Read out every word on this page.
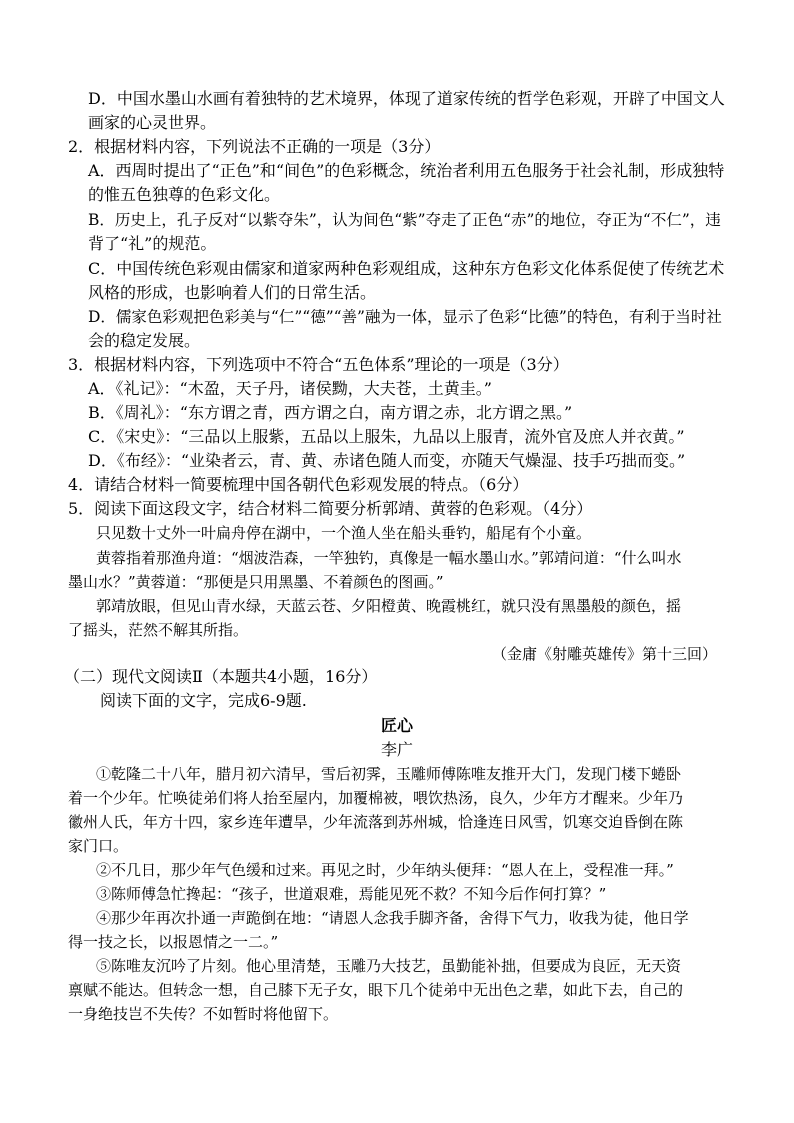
D．中国水墨山水画有着独特的艺术境界，体现了道家传统的哲学色彩观，开辟了中国文人
画家的心灵世界。
2．根据材料内容，下列说法不正确的一项是（3分）
A．西周时提出了“正色”和“间色”的色彩概念，统治者利用五色服务于社会礼制，形成独特
的惟五色独尊的色彩文化。
B．历史上，孔子反对“以紫夺朱”，认为间色“紫”夺走了正色“赤”的地位，夺正为“不仁”，违
背了“礼”的规范。
C．中国传统色彩观由儒家和道家两种色彩观组成，这种东方色彩文化体系促使了传统艺术
风格的形成，也影响着人们的日常生活。
D．儒家色彩观把色彩美与“仁”“德”“善”融为一体，显示了色彩“比德”的特色，有利于当时社
会的稳定发展。
3．根据材料内容，下列选项中不符合“五色体系”理论的一项是（3分）
A．《礼记》：“木盈，天子丹，诸侯黝，大夫苍，土黄圭。”
B．《周礼》：“东方谓之青，西方谓之白，南方谓之赤，北方谓之黑。”
C．《宋史》：“三品以上服紫，五品以上服朱，九品以上服青，流外官及庶人并衣黄。”
D．《布经》：“业染者云，青、黄、赤诸色随人而变，亦随天气燥湿、技手巧拙而变。”
4．请结合材料一简要梳理中国各朝代色彩观发展的特点。（6分）
5．阅读下面这段文字，结合材料二简要分析郭靖、黄蓉的色彩观。（4分）
只见数十丈外一叶扁舟停在湖中，一个渔人坐在船头垂钓，船尾有个小童。
黄蓉指着那渔舟道：“烟波浩森，一竿独钓，真像是一幅水墨山水。”郭靖问道：“什么叫水
墨山水？”黄蓉道：“那便是只用黑墨、不着颜色的图画。”
郭靖放眼，但见山青水绿，天蓝云苍、夕阳橙黄、晚霞桃红，就只没有黑墨般的颜色，摇
了摇头，茫然不解其所指。
（金庸《射雕英雄传》第十三回）
（二）现代文阅读Ⅱ（本题共4小题，16分）
阅读下面的文字，完成6-9题.
匠心
李广
①乾隆二十八年，腊月初六清早，雪后初霁，玉雕师傅陈唯友推开大门，发现门楼下蜷卧
着一个少年。忙唤徒弟们将人抬至屋内，加覆棉被，喂饮热汤，良久，少年方才醒来。少年乃
徽州人氏，年方十四，家乡连年遭旱，少年流落到苏州城，恰逢连日风雪，饥寒交迫昏倒在陈
家门口。
②不几日，那少年气色缓和过来。再见之时，少年纳头便拜：“恩人在上，受程准一拜。”
③陈师傅急忙搀起：“孩子，世道艰难，焉能见死不救？不知今后作何打算？”
④那少年再次扑通一声跪倒在地：“请恩人念我手脚齐备，舍得下气力，收我为徒，他日学
得一技之长，以报恩情之一二。”
⑤陈唯友沉吟了片刻。他心里清楚，玉雕乃大技艺，虽勤能补拙，但要成为良匠，无天资
禀赋不能达。但转念一想，自己膝下无子女，眼下几个徒弟中无出色之辈，如此下去，自己的
一身绝技岂不失传？不如暂时将他留下。
